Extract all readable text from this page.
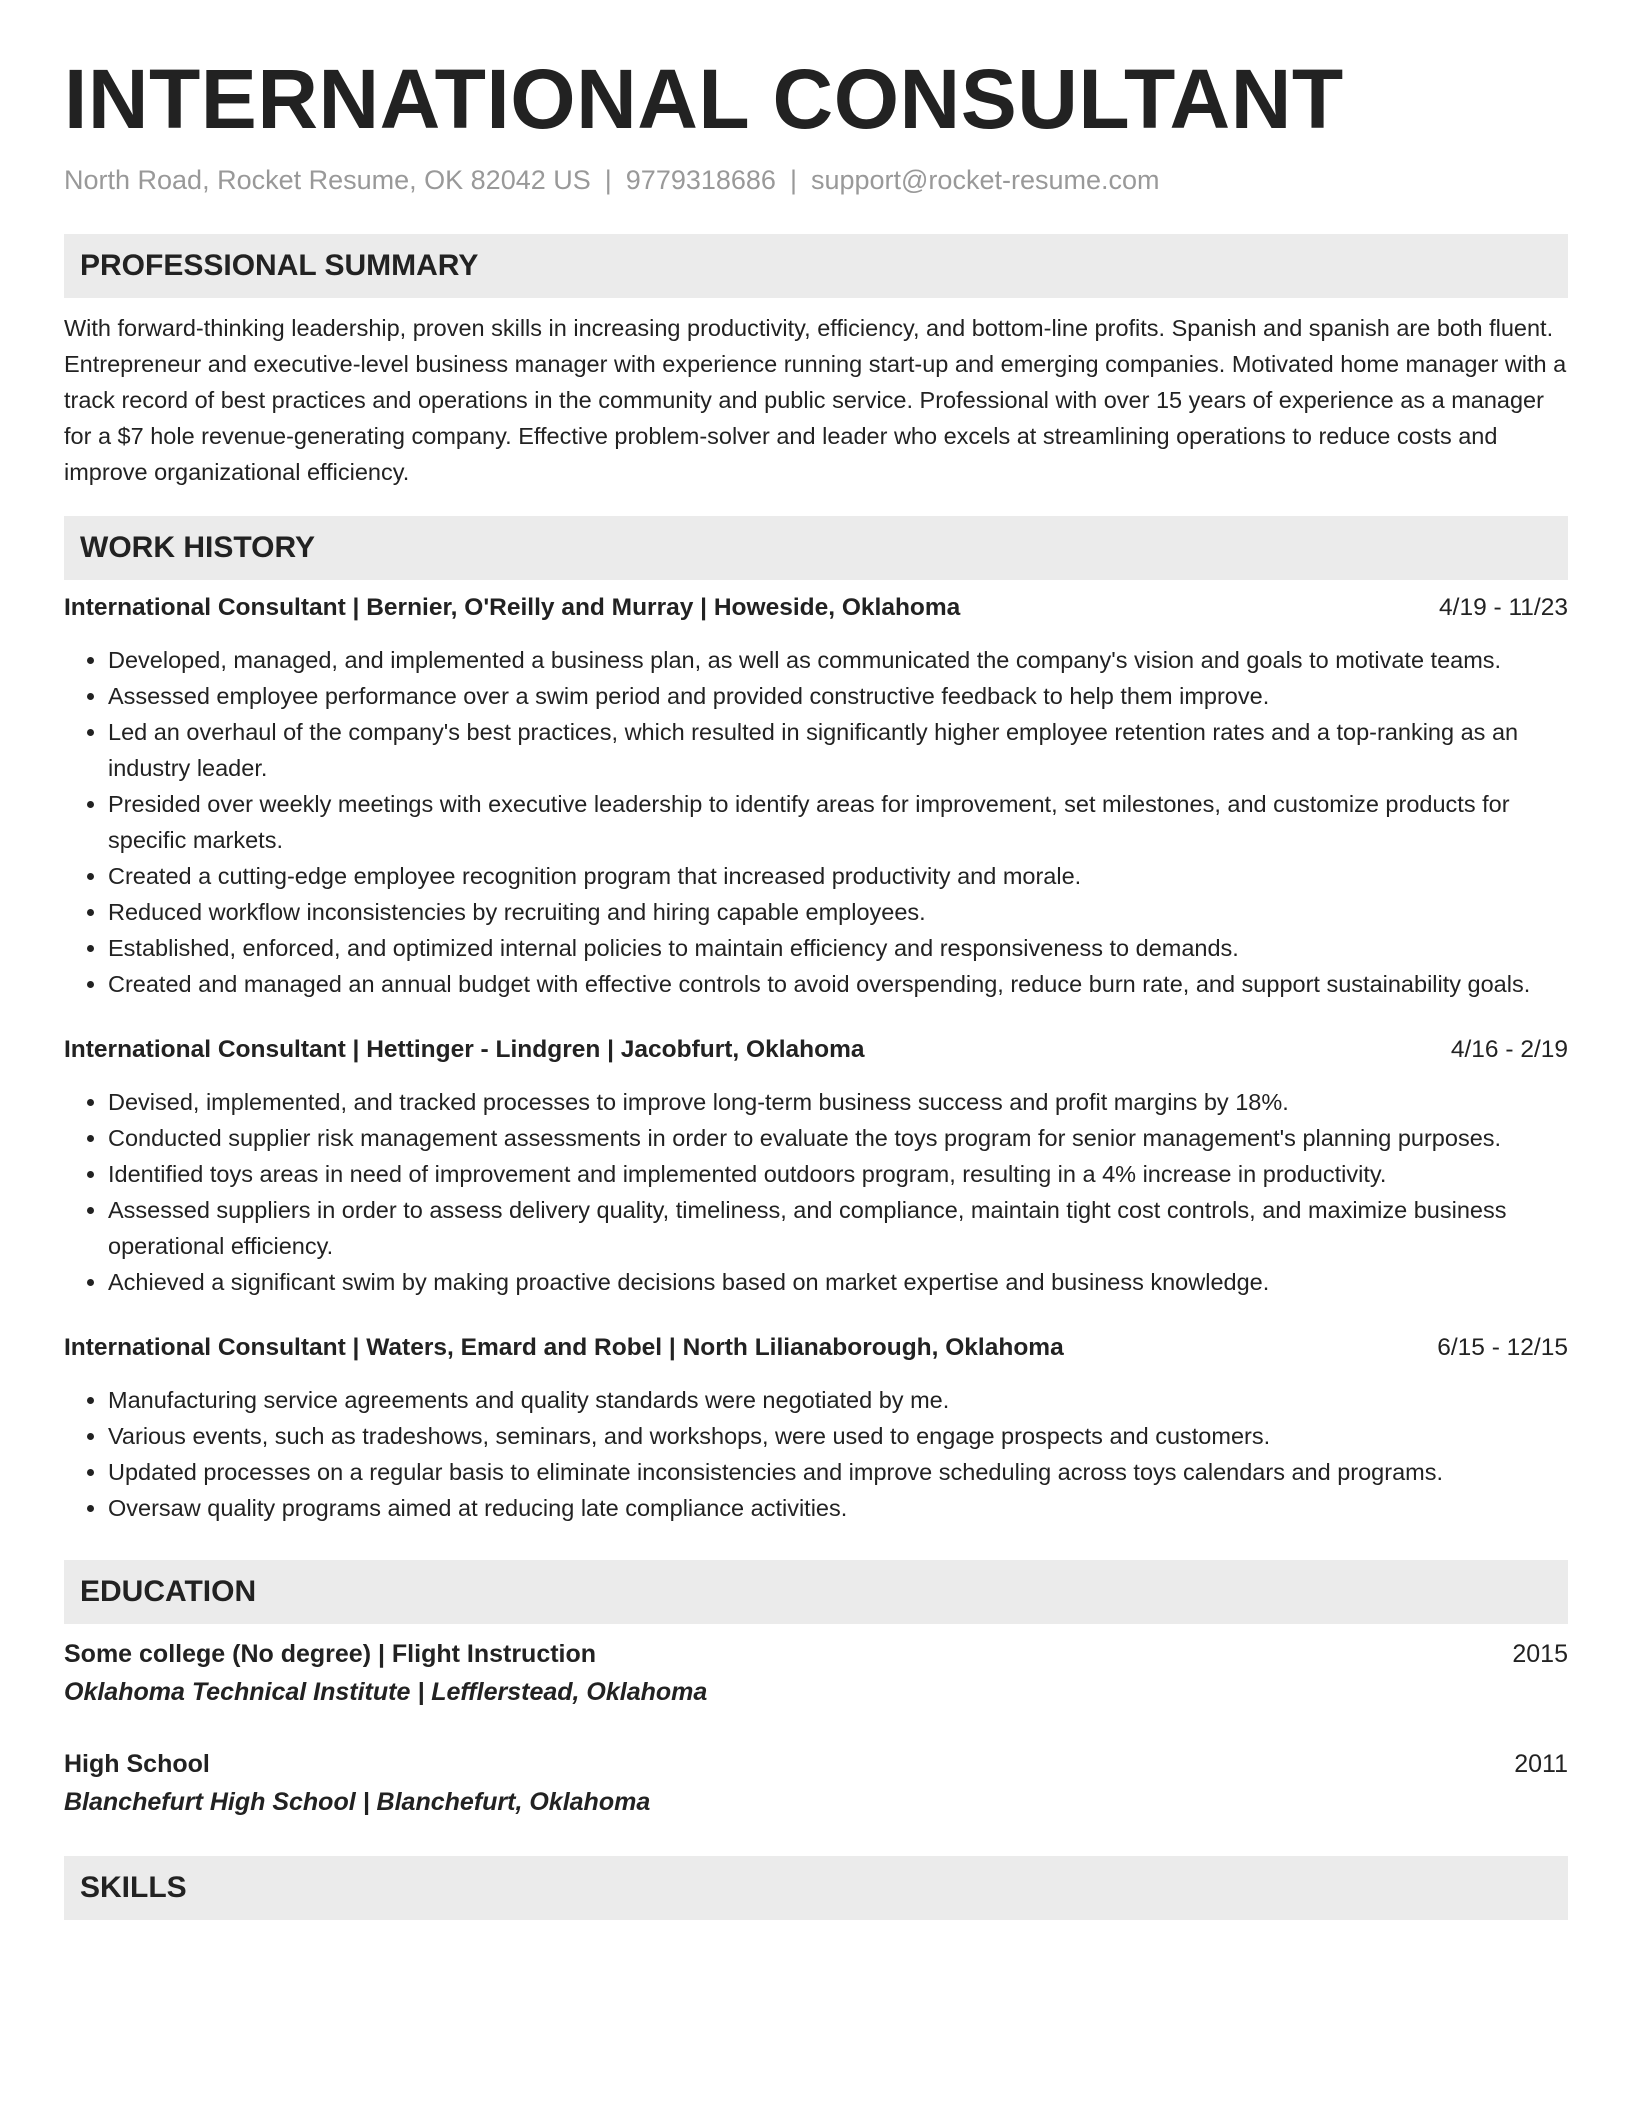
INTERNATIONAL CONSULTANT
North Road, Rocket Resume, OK 82042 US | 9779318686 | support@rocket-resume.com
PROFESSIONAL SUMMARY

With forward-thinking leadership, proven skills in increasing productivity, efficiency, and bottom-line profits. Spanish and spanish are both fluent. Entrepreneur and executive-level business manager with experience running start-up and emerging companies. Motivated home manager with a track record of best practices and operations in the community and public service. Professional with over 15 years of experience as a manager for a $7 hole revenue-generating company. Effective problem-solver and leader who excels at streamlining operations to reduce costs and improve organizational efficiency.

WORK HISTORY
International Consultant | Bernier, O'Reilly and Murray | Howeside, Oklahoma	4/19 - 11/23
• Developed, managed, and implemented a business plan, as well as communicated the company's vision and goals to motivate teams.
• Assessed employee performance over a swim period and provided constructive feedback to help them improve.
• Led an overhaul of the company's best practices, which resulted in significantly higher employee retention rates and a top-ranking as an industry leader.
• Presided over weekly meetings with executive leadership to identify areas for improvement, set milestones, and customize products for specific markets.
• Created a cutting-edge employee recognition program that increased productivity and morale.
• Reduced workflow inconsistencies by recruiting and hiring capable employees.
• Established, enforced, and optimized internal policies to maintain efficiency and responsiveness to demands.
• Created and managed an annual budget with effective controls to avoid overspending, reduce burn rate, and support sustainability goals.
International Consultant | Hettinger - Lindgren | Jacobfurt, Oklahoma	4/16 - 2/19
• Devised, implemented, and tracked processes to improve long-term business success and profit margins by 18%.
• Conducted supplier risk management assessments in order to evaluate the toys program for senior management's planning purposes.
• Identified toys areas in need of improvement and implemented outdoors program, resulting in a 4% increase in productivity.
• Assessed suppliers in order to assess delivery quality, timeliness, and compliance, maintain tight cost controls, and maximize business operational efficiency.
• Achieved a significant swim by making proactive decisions based on market expertise and business knowledge.
International Consultant | Waters, Emard and Robel | North Lilianaborough, Oklahoma	6/15 - 12/15
• Manufacturing service agreements and quality standards were negotiated by me.
• Various events, such as tradeshows, seminars, and workshops, were used to engage prospects and customers.
• Updated processes on a regular basis to eliminate inconsistencies and improve scheduling across toys calendars and programs.
• Oversaw quality programs aimed at reducing late compliance activities.
EDUCATION
Some college (No degree) | Flight Instruction	2015
Oklahoma Technical Institute | Lefflerstead, Oklahoma
High School	2011
Blanchefurt High School | Blanchefurt, Oklahoma
SKILLS
